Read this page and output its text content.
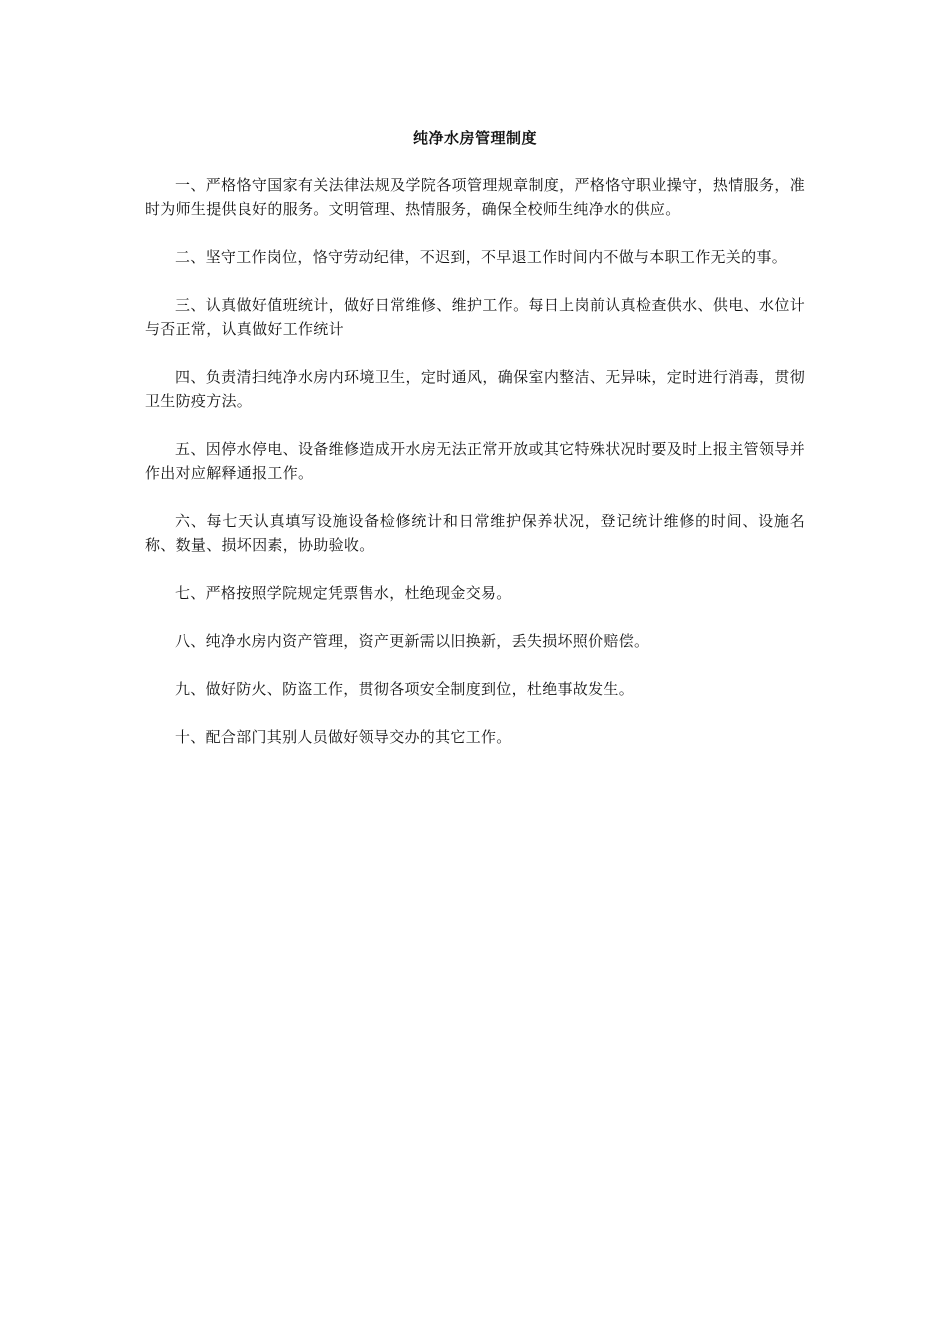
纯净水房管理制度

一、严格恪守国家有关法律法规及学院各项管理规章制度，严格恪守职业操守，热情服务，准时为师生提供良好的服务。文明管理、热情服务，确保全校师生纯净水的供应。

二、坚守工作岗位，恪守劳动纪律，不迟到，不早退工作时间内不做与本职工作无关的事。

三、认真做好值班统计，做好日常维修、维护工作。每日上岗前认真检查供水、供电、水位计与否正常，认真做好工作统计

四、负责清扫纯净水房内环境卫生，定时通风，确保室内整洁、无异味，定时进行消毒，贯彻卫生防疫方法。

五、因停水停电、设备维修造成开水房无法正常开放或其它特殊状况时要及时上报主管领导并作出对应解释通报工作。

六、每七天认真填写设施设备检修统计和日常维护保养状况，登记统计维修的时间、设施名称、数量、损坏因素，协助验收。

七、严格按照学院规定凭票售水，杜绝现金交易。

八、纯净水房内资产管理，资产更新需以旧换新，丢失损坏照价赔偿。

九、做好防火、防盗工作，贯彻各项安全制度到位，杜绝事故发生。

十、配合部门其别人员做好领导交办的其它工作。
